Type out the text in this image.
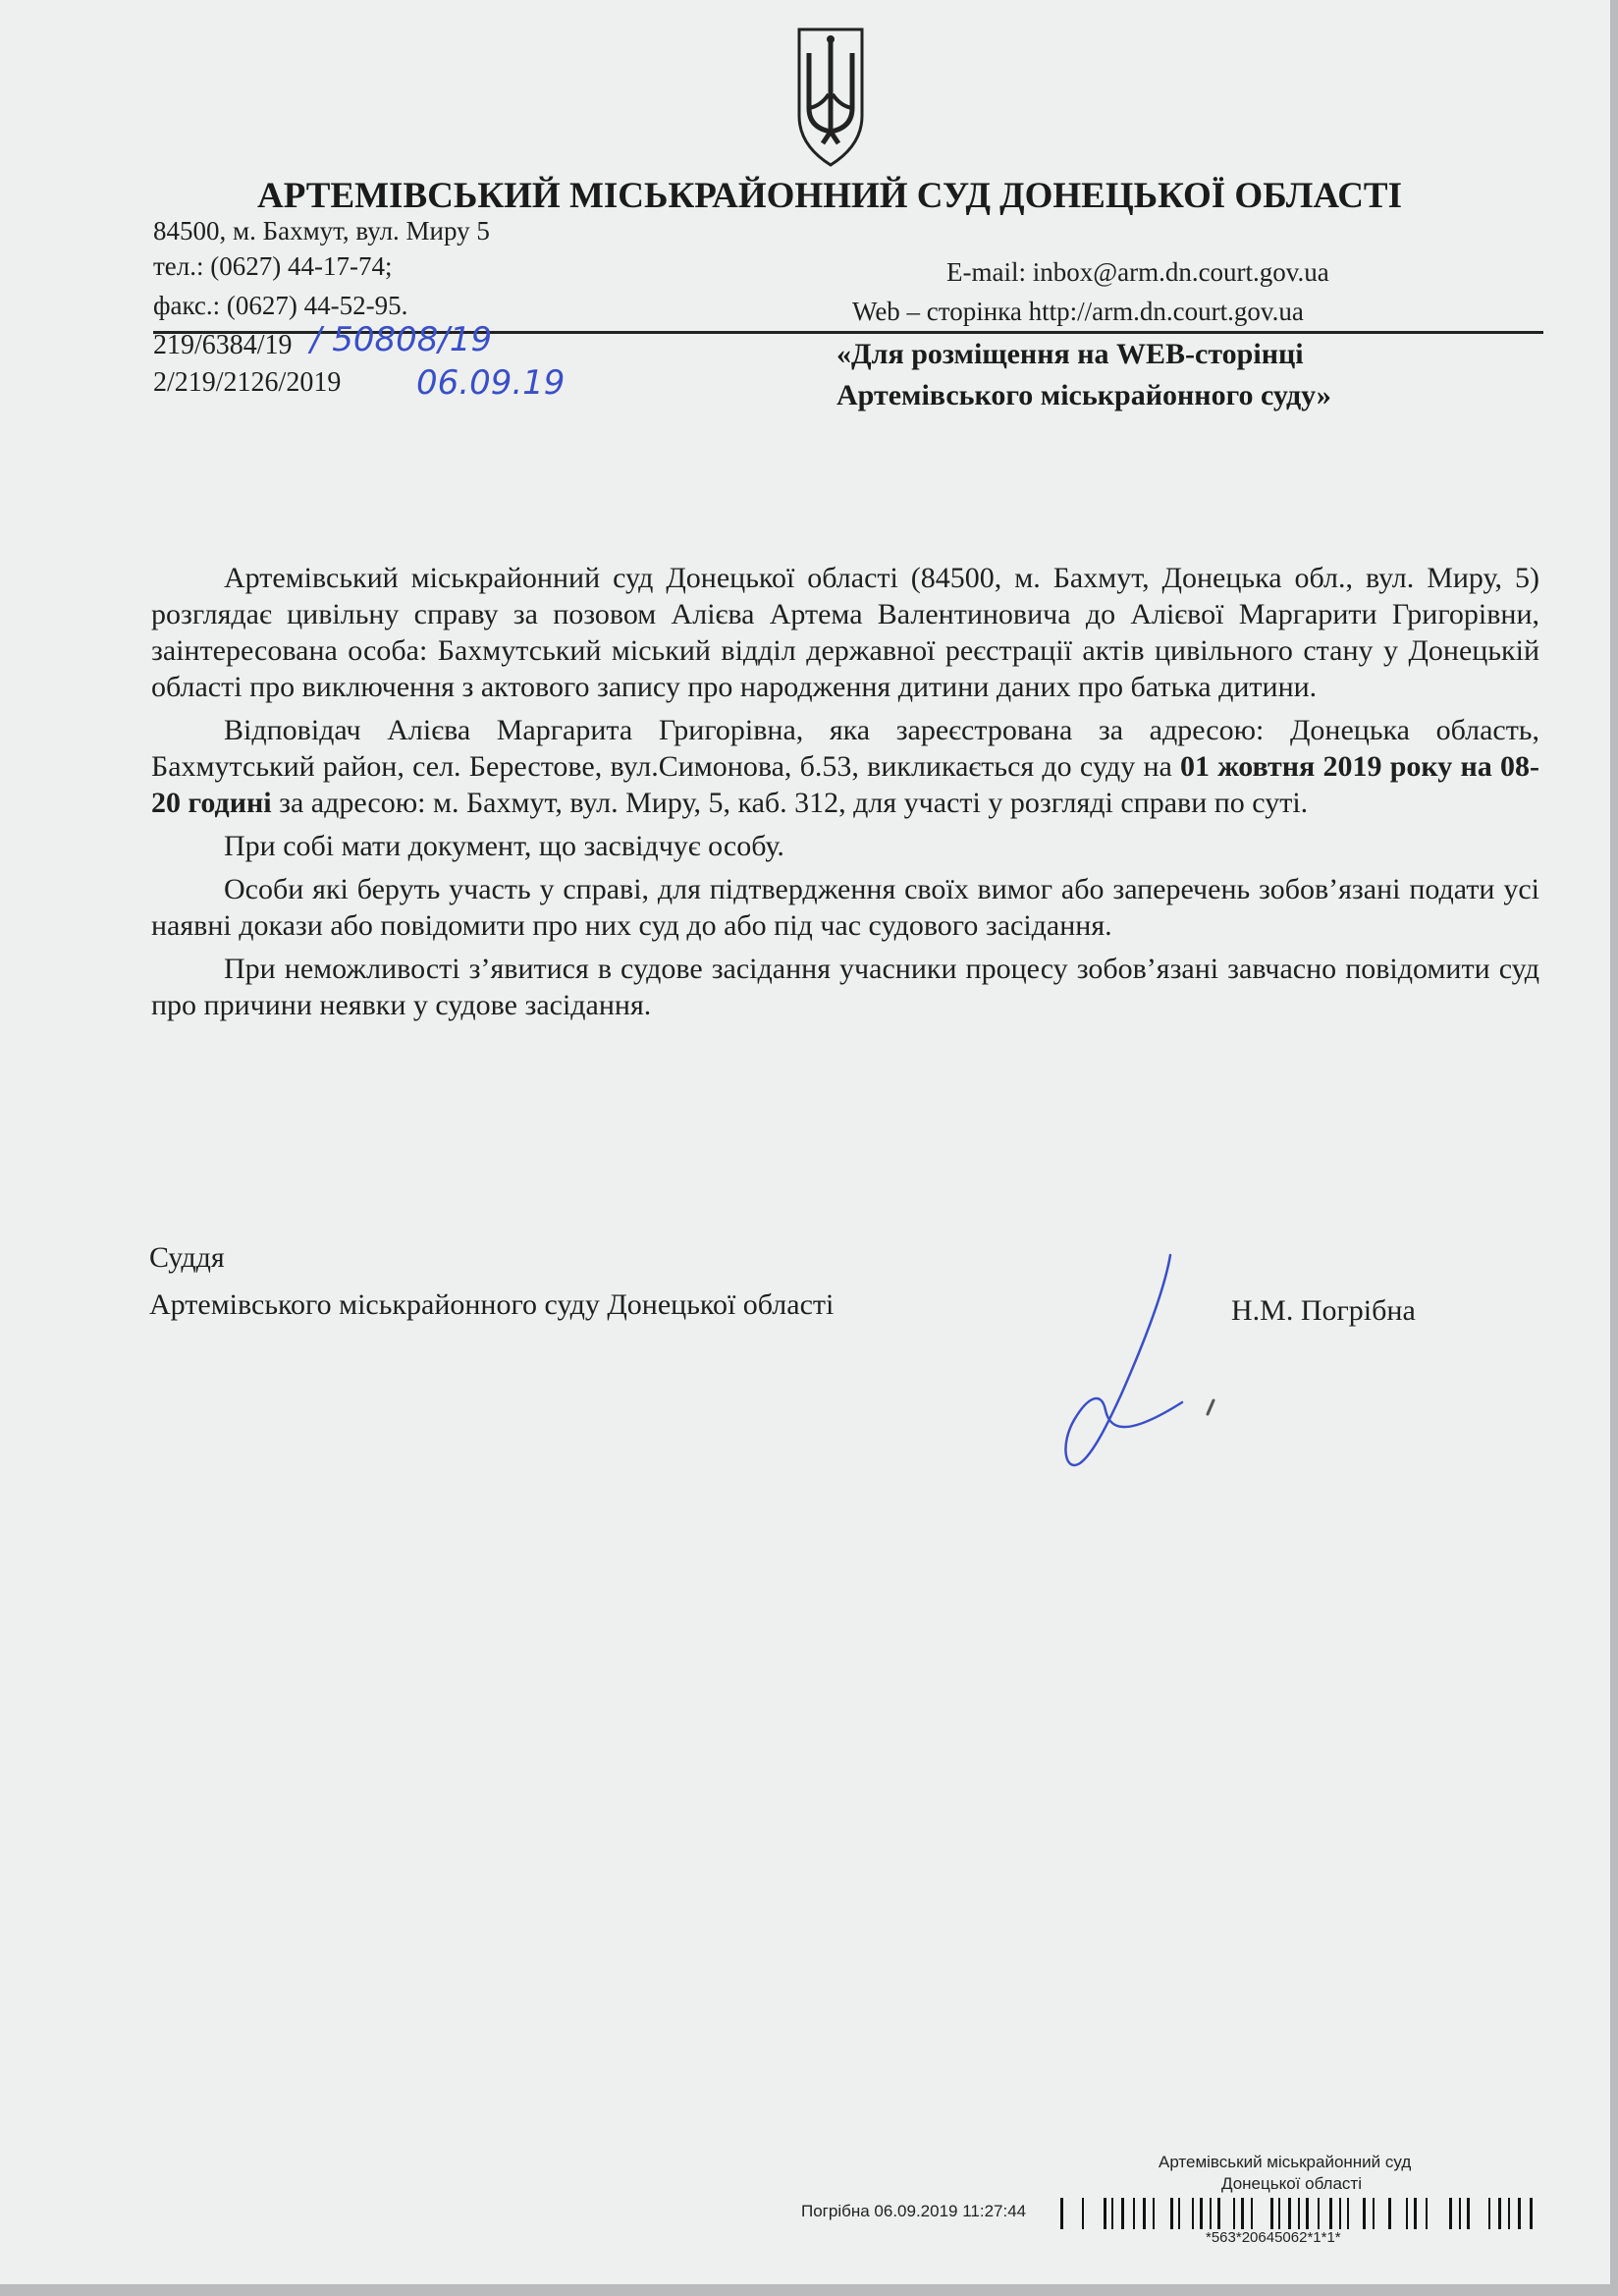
АРТЕМІВСЬКИЙ МІСЬКРАЙОННИЙ СУД ДОНЕЦЬКОЇ ОБЛАСТІ
84500, м. Бахмут, вул. Миру 5
тел.: (0627) 44-17-74;
факс.: (0627) 44-52-95.
E-mail: inbox@arm.dn.court.gov.ua
Web – сторінка http://arm.dn.court.gov.ua
219/6384/19
2/219/2126/2019
/ 50808/19
06.09.19
«Для розміщення на WEB-сторінці
Артемівського міськрайонного суду»

Артемівський міськрайонний суд Донецької області (84500, м. Бахмут, Донецька обл., вул. Миру, 5) розглядає цивільну справу за позовом Алієва Артема Валентиновича до Алієвої Маргарити Григорівни, заінтересована особа: Бахмутський міський відділ державної реєстрації актів цивільного стану у Донецькій області про виключення з актового запису про народження дитини даних про батька дитини.

Відповідач Алієва Маргарита Григорівна, яка зареєстрована за адресою: Донецька область, Бахмутський район, сел. Берестове, вул.Симонова, б.53, викликається до суду на 01 жовтня 2019 року на 08-20 годині за адресою: м. Бахмут, вул. Миру, 5, каб. 312, для участі у розгляді справи по суті.

При собі мати документ, що засвідчує особу.

Особи які беруть участь у справі, для підтвердження своїх вимог або заперечень зобов’язані подати усі наявні докази або повідомити про них суд до або під час судового засідання.

При неможливості з’явитися в судове засідання учасники процесу зобов’язані завчасно повідомити суд про причини неявки у судове засідання.

Суддя
Артемівського міськрайонного суду Донецької області	Н.М. Погрібна
Артемівський міськрайонний суд
Донецької області
Погрібна 06.09.2019 11:27:44
*563*20645062*1*1*
